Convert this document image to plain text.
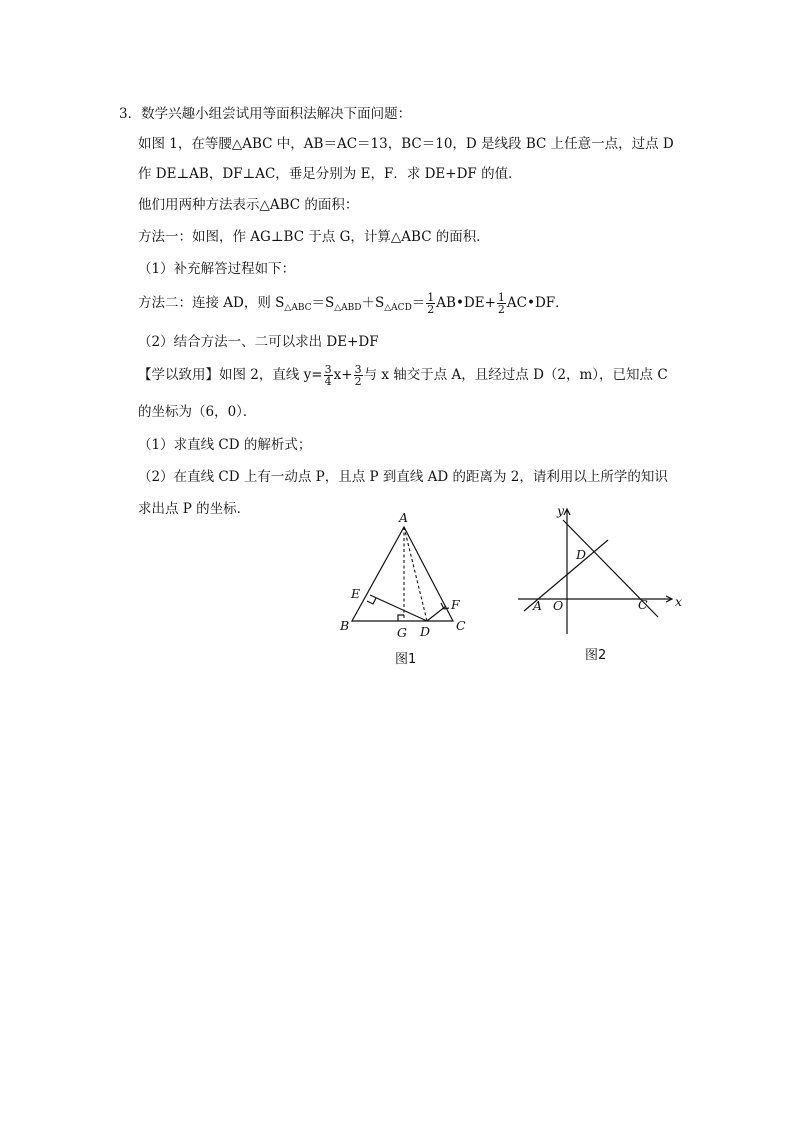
3．数学兴趣小组尝试用等面积法解决下面问题：
如图 1，在等腰△ABC 中，AB＝AC＝13，BC＝10，D 是线段 BC 上任意一点，过点 D
作 DE⊥AB，DF⊥AC，垂足分别为 E，F．求 DE+DF 的值．
他们用两种方法表示△ABC 的面积：
方法一：如图，作 AG⊥BC 于点 G，计算△ABC 的面积．
（1）补充解答过程如下：
方法二：连接 AD，则 $S_{\triangle ABC}=S_{\triangle ABD}+S_{\triangle ACD}= \frac{1}{2}$ AB•DE+ $\frac{1}{2}$ AC•DF．
（2）结合方法一、二可以求出 DE+DF
【学以致用】如图 2，直线 $y= \frac{3}{4} x+ \frac{3}{2}$ 与 x 轴交于点 A，且经过点 D（2，m），已知点 C
的坐标为（6，0）．
（1）求直线 CD 的解析式；
（2）在直线 CD 上有一动点 P，且点 P 到直线 AD 的距离为 2，请利用以上所学的知识
求出点 P 的坐标．
A
E
F
B	G D C
图1
y
x
D
A O	C
图2
